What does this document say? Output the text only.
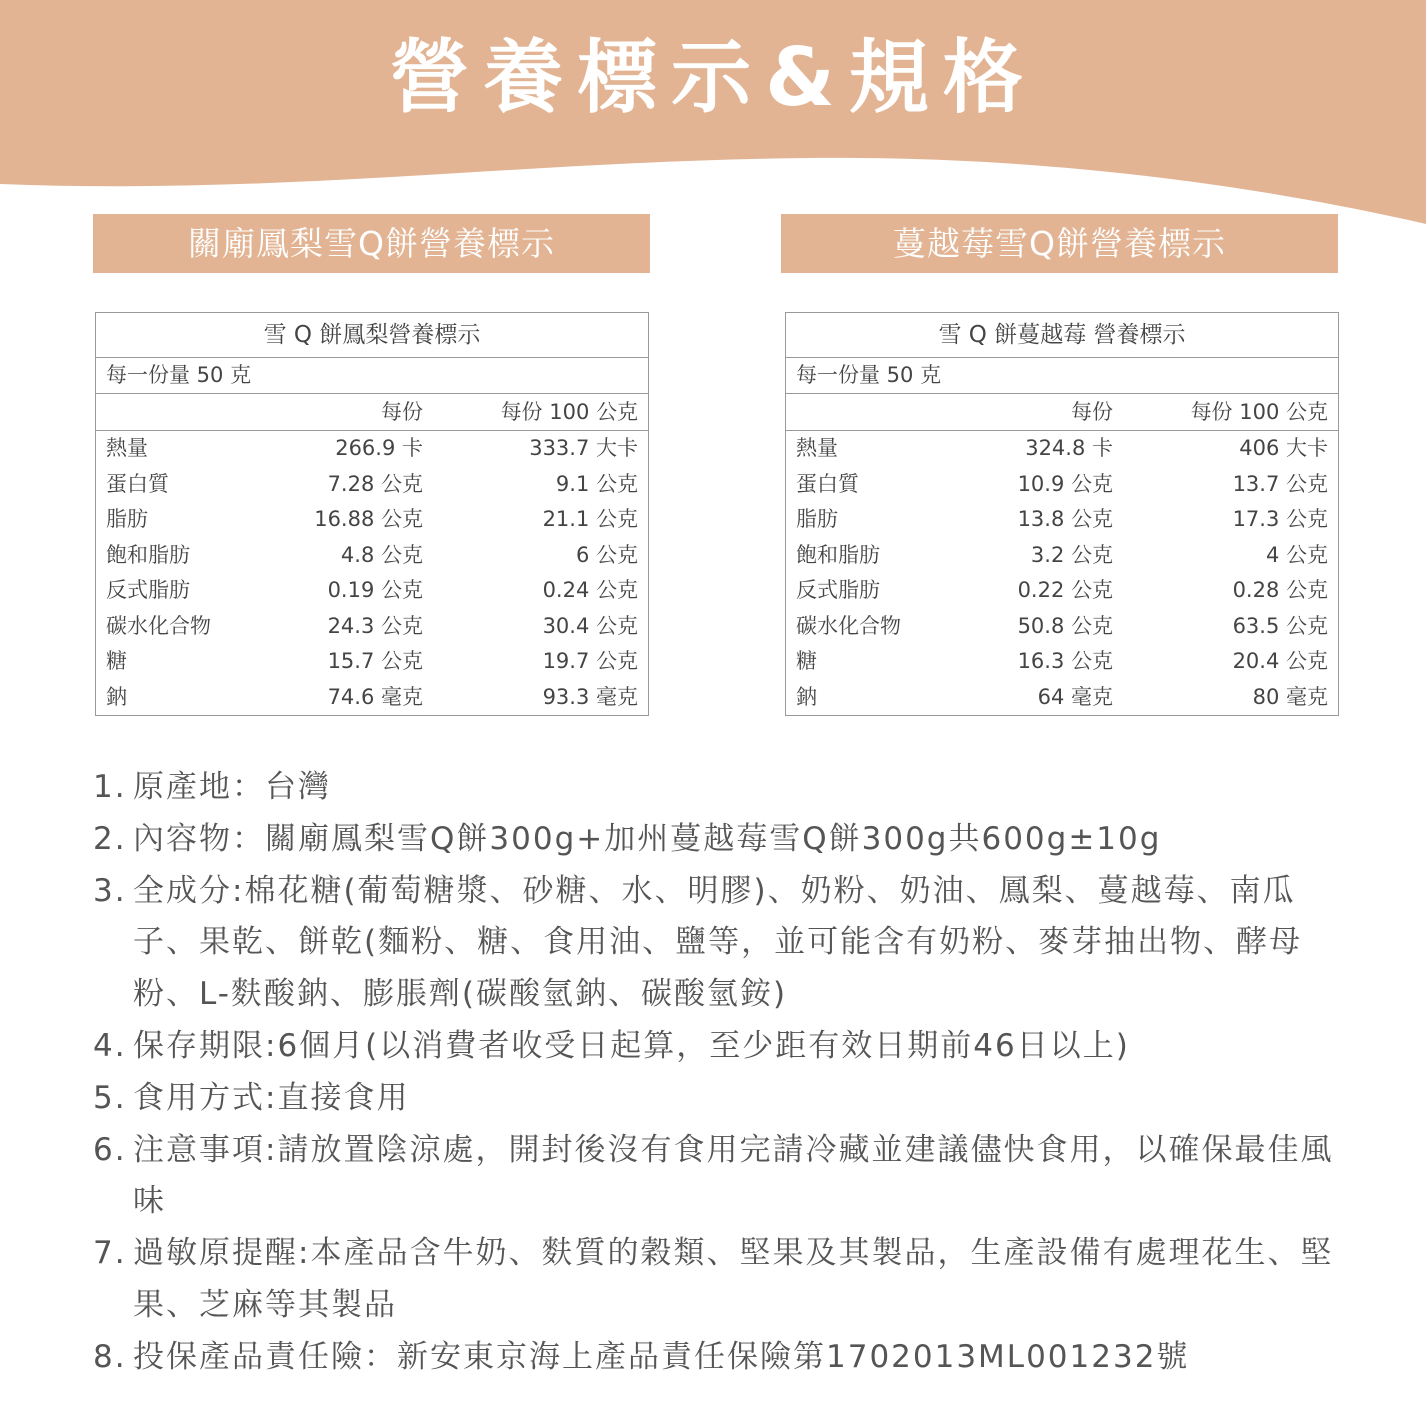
營養標示&規格
關廟鳳梨雪Q餅營養標示	蔓越莓雪Q餅營養標示
雪 Q 餅鳳梨營養標示
每一份量 50 克
每份	每份 100 公克
熱量	266.9 卡	333.7 大卡
蛋白質	7.28 公克	9.1 公克
脂肪	16.88 公克	21.1 公克
飽和脂肪	4.8 公克	6 公克
反式脂肪	0.19 公克	0.24 公克
碳水化合物	24.3 公克	30.4 公克
糖	15.7 公克	19.7 公克
鈉	74.6 毫克	93.3 毫克
雪 Q 餅蔓越莓 營養標示
每一份量 50 克
每份	每份 100 公克
熱量	324.8 卡	406 大卡
蛋白質	10.9 公克	13.7 公克
脂肪	13.8 公克	17.3 公克
飽和脂肪	3.2 公克	4 公克
反式脂肪	0.22 公克	0.28 公克
碳水化合物	50.8 公克	63.5 公克
糖	16.3 公克	20.4 公克
鈉	64 毫克	80 毫克
1. 原產地：台灣
2. 內容物：關廟鳳梨雪Q餅300g+加州蔓越莓雪Q餅300g共600g±10g
3. 全成分:棉花糖(葡萄糖漿、砂糖、水、明膠)、奶粉、奶油、鳳梨、蔓越莓、南瓜子、果乾、餅乾(麵粉、糖、食用油、鹽等，並可能含有奶粉、麥芽抽出物、酵母粉、L-麩酸鈉、膨脹劑(碳酸氫鈉、碳酸氫銨)
4. 保存期限:6個月(以消費者收受日起算，至少距有效日期前46日以上)
5. 食用方式:直接食用
6. 注意事項:請放置陰涼處，開封後沒有食用完請冷藏並建議儘快食用，以確保最佳風味
7. 過敏原提醒:本產品含牛奶、麩質的穀類、堅果及其製品，生產設備有處理花生、堅果、芝麻等其製品
8. 投保產品責任險：新安東京海上產品責任保險第1702013ML001232號
